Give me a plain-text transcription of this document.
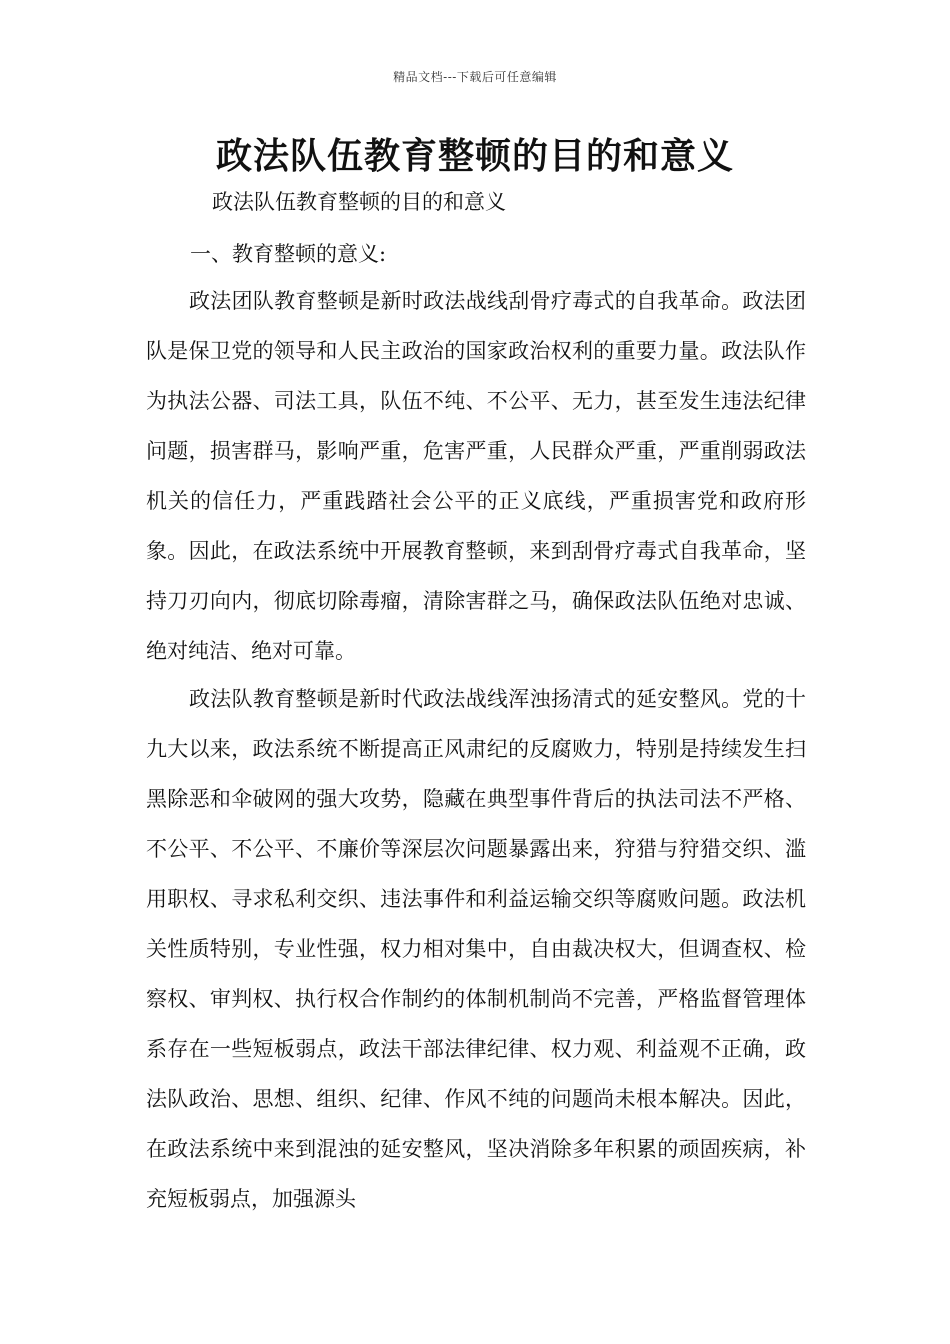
精品文档---下载后可任意编辑
政法队伍教育整顿的目的和意义

政法队伍教育整顿的目的和意义

一、教育整顿的意义:

政法团队教育整顿是新时政法战线刮骨疗毒式的自我革命。政法团队是保卫党的领导和人民主政治的国家政治权利的重要力量。政法队作为执法公器、司法工具，队伍不纯、不公平、无力，甚至发生违法纪律问题，损害群马，影响严重，危害严重，人民群众严重，严重削弱政法机关的信任力，严重践踏社会公平的正义底线，严重损害党和政府形象。因此，在政法系统中开展教育整顿，来到刮骨疗毒式自我革命，坚持刀刃向内，彻底切除毒瘤，清除害群之马，确保政法队伍绝对忠诚、绝对纯洁、绝对可靠。

政法队教育整顿是新时代政法战线浑浊扬清式的延安整风。党的十九大以来，政法系统不断提高正风肃纪的反腐败力，特别是持续发生扫黑除恶和伞破网的强大攻势，隐藏在典型事件背后的执法司法不严格、不公平、不公平、不廉价等深层次问题暴露出来，狩猎与狩猎交织、滥用职权、寻求私利交织、违法事件和利益运输交织等腐败问题。政法机关性质特别，专业性强，权力相对集中，自由裁决权大，但调查权、检察权、审判权、执行权合作制约的体制机制尚不完善，严格监督管理体系存在一些短板弱点，政法干部法律纪律、权力观、利益观不正确，政法队政治、思想、组织、纪律、作风不纯的问题尚未根本解决。因此，在政法系统中来到混浊的延安整风，坚决消除多年积累的顽固疾病，补充短板弱点，加强源头
